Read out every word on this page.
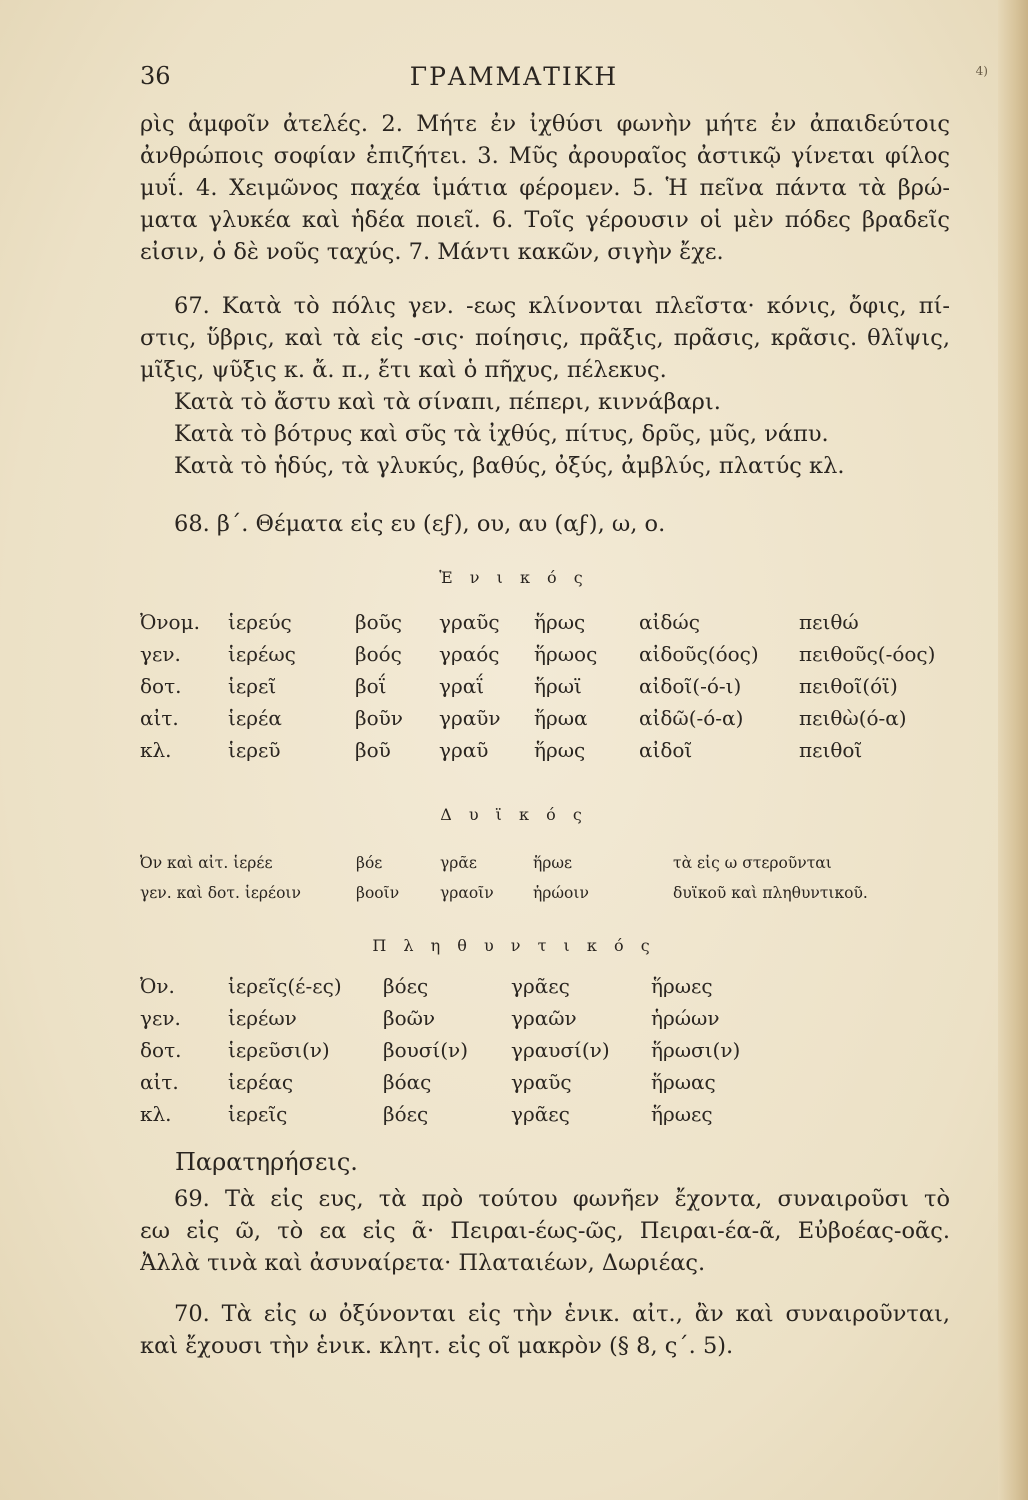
36	ΓΡΑΜΜΑΤΙΚΗ	4)
ρὶς ἀμφοῖν ἀτελές. 2. Μήτε ἐν ἰχθύσι φωνὴν μήτε ἐν ἀπαιδεύτοις
ἀνθρώποις σοφίαν ἐπιζήτει. 3. Μῦς ἀρουραῖος ἀστικῷ γίνεται φίλος
μυΐ. 4. Χειμῶνος παχέα ἱμάτια φέρομεν. 5. Ἡ πεῖνα πάντα τὰ βρώ-
ματα γλυκέα καὶ ἡδέα ποιεῖ. 6. Τοῖς γέρουσιν οἱ μὲν πόδες βραδεῖς
εἰσιν, ὁ δὲ νοῦς ταχύς. 7. Μάντι κακῶν, σιγὴν ἔχε.
67. Κατὰ τὸ πόλις γεν. -εως κλίνονται πλεῖστα· κόνις, ὄφις, πί-
στις, ὕβρις, καὶ τὰ εἰς -σις· ποίησις, πρᾶξις, πρᾶσις, κρᾶσις. θλῖψις,
μῖξις, ψῦξις κ. ἄ. π., ἔτι καὶ ὁ πῆχυς, πέλεκυς.
Κατὰ τὸ ἄστυ καὶ τὰ σίναπι, πέπερι, κιννάβαρι.
Κατὰ τὸ βότρυς καὶ σῦς τὰ ἰχθύς, πίτυς, δρῦς, μῦς, νάπυ.
Κατὰ τὸ ἡδύς, τὰ γλυκύς, βαθύς, ὀξύς, ἀμβλύς, πλατύς κλ.
68. β´. Θέματα εἰς ευ (εϝ), ου, αυ (αϝ), ω, ο.
Ἑ ν ι κ ό ς
Ὀνομ.	ἱερεύς	βοῦς	γραῦς	ἥρως	αἰδώς	πειθώ
γεν.	ἱερέως	βοός	γραός	ἥρωος	αἰδοῦς(όος)	πειθοῦς(-όος)
δοτ.	ἱερεῖ	βοΐ	γραΐ	ἥρωϊ	αἰδοῖ(-ό-ι)	πειθοῖ(όϊ)
αἰτ.	ἱερέα	βοῦν	γραῦν	ἥρωα	αἰδῶ(-ό-α)	πειθὼ(ό-α)
κλ.	ἱερεῦ	βοῦ	γραῦ	ἥρως	αἰδοῖ	πειθοῖ
Δ υ ϊ κ ό ς
Ὀν καὶ αἰτ. ἱερέε	βόε	γρᾶε	ἥρωε	τὰ εἰς ω στεροῦνται
γεν. καὶ δοτ. ἱερέοιν	βοοῖν	γραοῖν	ἡρώοιν	δυϊκοῦ καὶ πληθυντικοῦ.
Π λ η θ υ ν τ ι κ ό ς
Ὀν.	ἱερεῖς(έ-ες)	βόες	γρᾶες	ἥρωες
γεν.	ἱερέων	βοῶν	γραῶν	ἡρώων
δοτ.	ἱερεῦσι(ν)	βουσί(ν)	γραυσί(ν)	ἥρωσι(ν)
αἰτ.	ἱερέας	βόας	γραῦς	ἥρωας
κλ.	ἱερεῖς	βόες	γρᾶες	ἥρωες
Παρατηρήσεις.
69. Τὰ εἰς ευς, τὰ πρὸ τούτου φωνῆεν ἔχοντα, συναιροῦσι τὸ
εω εἰς ῶ, τὸ εα εἰς ᾶ· Πειραι-έως-ῶς, Πειραι-έα-ᾶ, Εὐβοέας-οᾶς.
Ἀλλὰ τινὰ καὶ ἀσυναίρετα· Πλαταιέων, Δωριέας.
70. Τὰ εἰς ω ὀξύνονται εἰς τὴν ἑνικ. αἰτ., ἂν καὶ συναιροῦνται,
καὶ ἔχουσι τὴν ἑνικ. κλητ. εἰς οῖ μακρὸν (§ 8, ς΄. 5).
